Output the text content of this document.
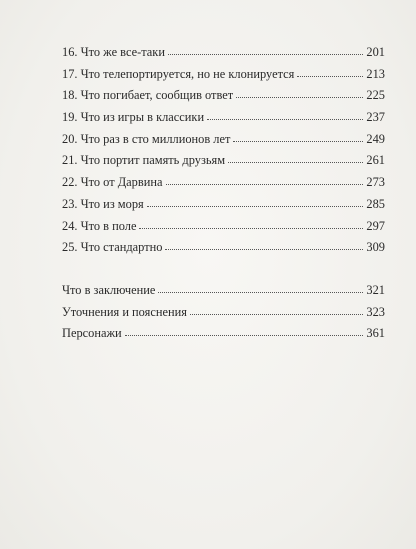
16. Что же все-таки	201
17. Что телепортируется, но не клонируется	213
18. Что погибает, сообщив ответ	225
19. Что из игры в классики	237
20. Что раз в сто миллионов лет	249
21. Что портит память друзьям	261
22. Что от Дарвина	273
23. Что из моря	285
24. Что в поле	297
25. Что стандартно	309
Что в заключение	321
Уточнения и пояснения	323
Персонажи	361
